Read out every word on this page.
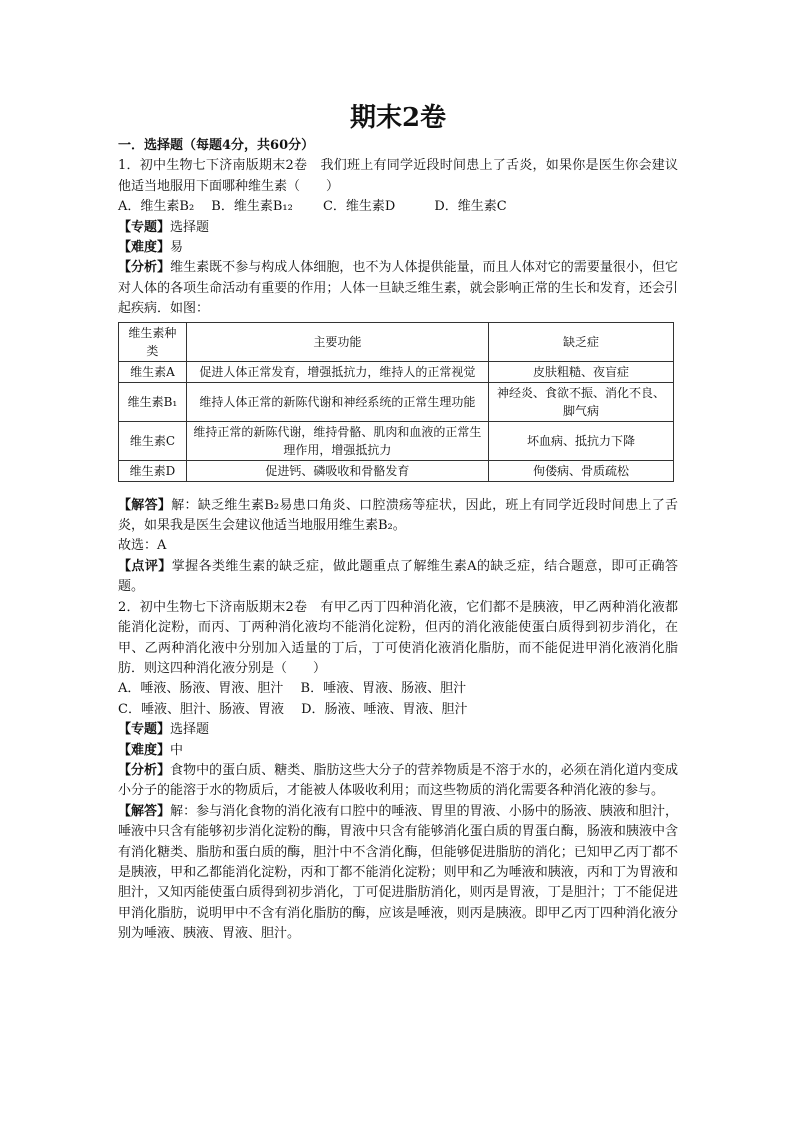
期末2卷

一．选择题（每题4分，共60分）

1．初中生物七下济南版期末2卷　我们班上有同学近段时间患上了舌炎，如果你是医生你会建议他适当地服用下面哪种维生素（　　）

A．维生素B₂　 B．维生素B₁₂　　 C．维生素D　　　D．维生素C

【专题】选择题

【难度】易

【分析】维生素既不参与构成人体细胞，也不为人体提供能量，而且人体对它的需要量很小，但它对人体的各项生命活动有重要的作用；人体一旦缺乏维生素，就会影响正常的生长和发育，还会引起疾病．如图：

维生素种类	主要功能	缺乏症
维生素A	促进人体正常发育，增强抵抗力，维持人的正常视觉	皮肤粗糙、夜盲症
维生素B₁	维持人体正常的新陈代谢和神经系统的正常生理功能	神经炎、食欲不振、消化不良、脚气病
维生素C	维持正常的新陈代谢，维持骨骼、肌肉和血液的正常生理作用，增强抵抗力	坏血病、抵抗力下降
维生素D	促进钙、磷吸收和骨骼发育	佝偻病、骨质疏松

【解答】解：缺乏维生素B₂易患口角炎、口腔溃疡等症状，因此，班上有同学近段时间患上了舌炎，如果我是医生会建议他适当地服用维生素B₂。

故选：A

【点评】掌握各类维生素的缺乏症，做此题重点了解维生素A的缺乏症，结合题意，即可正确答题。

2．初中生物七下济南版期末2卷　有甲乙丙丁四种消化液，它们都不是胰液，甲乙两种消化液都能消化淀粉，而丙、丁两种消化液均不能消化淀粉，但丙的消化液能使蛋白质得到初步消化，在甲、乙两种消化液中分别加入适量的丁后，丁可使消化液消化脂肪，而不能促进甲消化液消化脂肪．则这四种消化液分别是（　　）

A．唾液、肠液、胃液、胆汁　 B．唾液、胃液、肠液、胆汁

C．唾液、胆汁、肠液、胃液　 D．肠液、唾液、胃液、胆汁

【专题】选择题

【难度】中

【分析】食物中的蛋白质、糖类、脂肪这些大分子的营养物质是不溶于水的，必须在消化道内变成小分子的能溶于水的物质后，才能被人体吸收利用；而这些物质的消化需要各种消化液的参与。

【解答】解：参与消化食物的消化液有口腔中的唾液、胃里的胃液、小肠中的肠液、胰液和胆汁，唾液中只含有能够初步消化淀粉的酶，胃液中只含有能够消化蛋白质的胃蛋白酶，肠液和胰液中含有消化糖类、脂肪和蛋白质的酶，胆汁中不含消化酶，但能够促进脂肪的消化；已知甲乙丙丁都不是胰液，甲和乙都能消化淀粉，丙和丁都不能消化淀粉；则甲和乙为唾液和胰液，丙和丁为胃液和胆汁，又知丙能使蛋白质得到初步消化，丁可促进脂肪消化，则丙是胃液，丁是胆汁；丁不能促进甲消化脂肪，说明甲中不含有消化脂肪的酶，应该是唾液，则丙是胰液。即甲乙丙丁四种消化液分别为唾液、胰液、胃液、胆汁。
